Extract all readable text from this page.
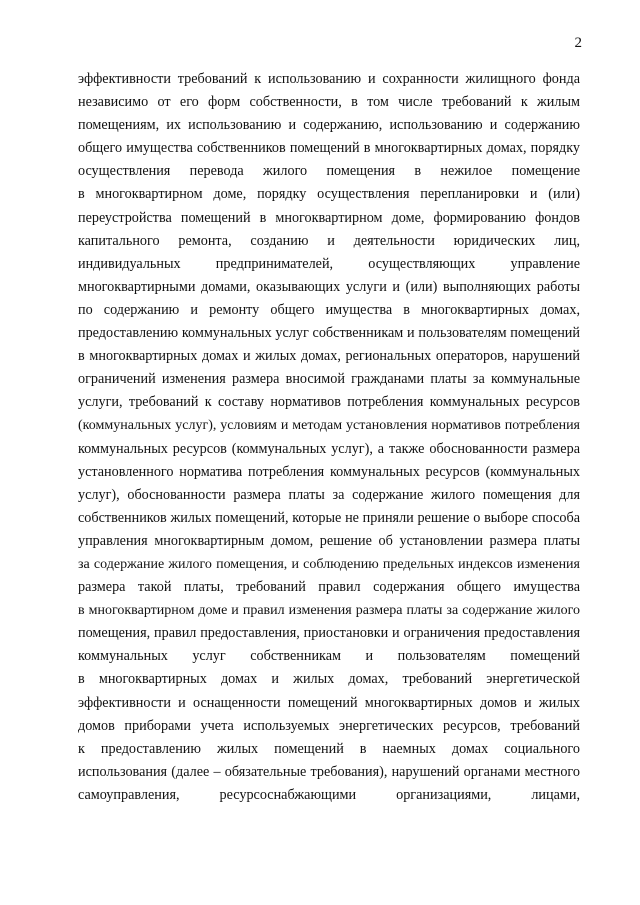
2
эффективности требований к использованию и сохранности жилищного фонда
независимо от его форм собственности, в том числе требований к жилым
помещениям, их использованию и содержанию, использованию и содержанию
общего имущества собственников помещений в многоквартирных домах, порядку
осуществления перевода жилого помещения в нежилое помещение
в многоквартирном доме, порядку осуществления перепланировки и (или)
переустройства помещений в многоквартирном доме, формированию фондов
капитального ремонта, созданию и деятельности юридических лиц,
индивидуальных предпринимателей, осуществляющих управление
многоквартирными домами, оказывающих услуги и (или) выполняющих работы
по содержанию и ремонту общего имущества в многоквартирных домах,
предоставлению коммунальных услуг собственникам и пользователям помещений
в многоквартирных домах и жилых домах, региональных операторов, нарушений
ограничений изменения размера вносимой гражданами платы за коммунальные
услуги, требований к составу нормативов потребления коммунальных ресурсов
(коммунальных услуг), условиям и методам установления нормативов потребления
коммунальных ресурсов (коммунальных услуг), а также обоснованности размера
установленного норматива потребления коммунальных ресурсов (коммунальных
услуг), обоснованности размера платы за содержание жилого помещения для
собственников жилых помещений, которые не приняли решение о выборе способа
управления многоквартирным домом, решение об установлении размера платы
за содержание жилого помещения, и соблюдению предельных индексов изменения
размера такой платы, требований правил содержания общего имущества
в многоквартирном доме и правил изменения размера платы за содержание жилого
помещения, правил предоставления, приостановки и ограничения предоставления
коммунальных услуг собственникам и пользователям помещений
в многоквартирных домах и жилых домах, требований энергетической
эффективности и оснащенности помещений многоквартирных домов и жилых
домов приборами учета используемых энергетических ресурсов, требований
к предоставлению жилых помещений в наемных домах социального
использования (далее – обязательные требования), нарушений органами местного
самоуправления, ресурсоснабжающими организациями, лицами,
